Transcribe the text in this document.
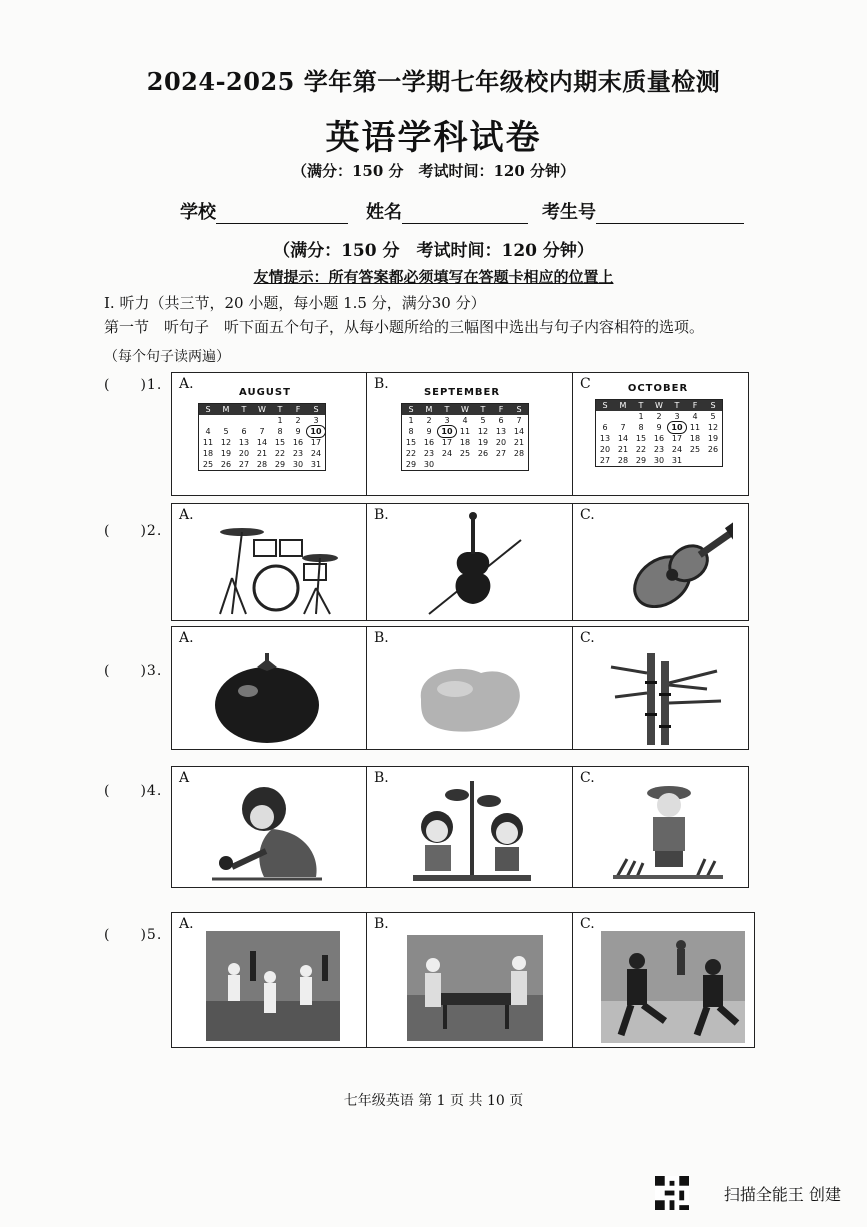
2024-2025 学年第一学期七年级校内期末质量检测
英语学科试卷
（满分：150 分　考试时间：120 分钟）
学校	姓名	考生号
（满分：150 分　考试时间：120 分钟）
友情提示：所有答案都必须填写在答题卡相应的位置上
I. 听力（共三节，20 小题，每小题 1.5 分，满分30 分）
第一节　听句子　听下面五个句子，从每小题所给的三幅图中选出与句子内容相符的选项。
（每个句子读两遍）
(　　)1. A.
AUGUST
S	M	T	W	T	F	S
				1	2	3
4	5	6	7	8	9	10
11	12	13	14	15	16	17
18	19	20	21	22	23	24
25	26	27	28	29	30	31
B.
SEPTEMBER
S	M	T	W	T	F	S
1	2	3	4	5	6	7
8	9	10	11	12	13	14
15	16	17	18	19	20	21
22	23	24	25	26	27	28
29	30					
C	OCTOBER
S	M	T	W	T	F	S
		1	2	3	4	5
6	7	8	9	10	11	12
13	14	15	16	17	18	19
20	21	22	23	24	25	26
27	28	29	30	31		
(　　)2.
A.	B.	C.
(　　)3.
A.	B.	C.
(　　)4.
A	B.	C.
(　　)5.
A.	B.	C.
七年级英语 第 1 页 共 10 页
扫描全能王 创建
